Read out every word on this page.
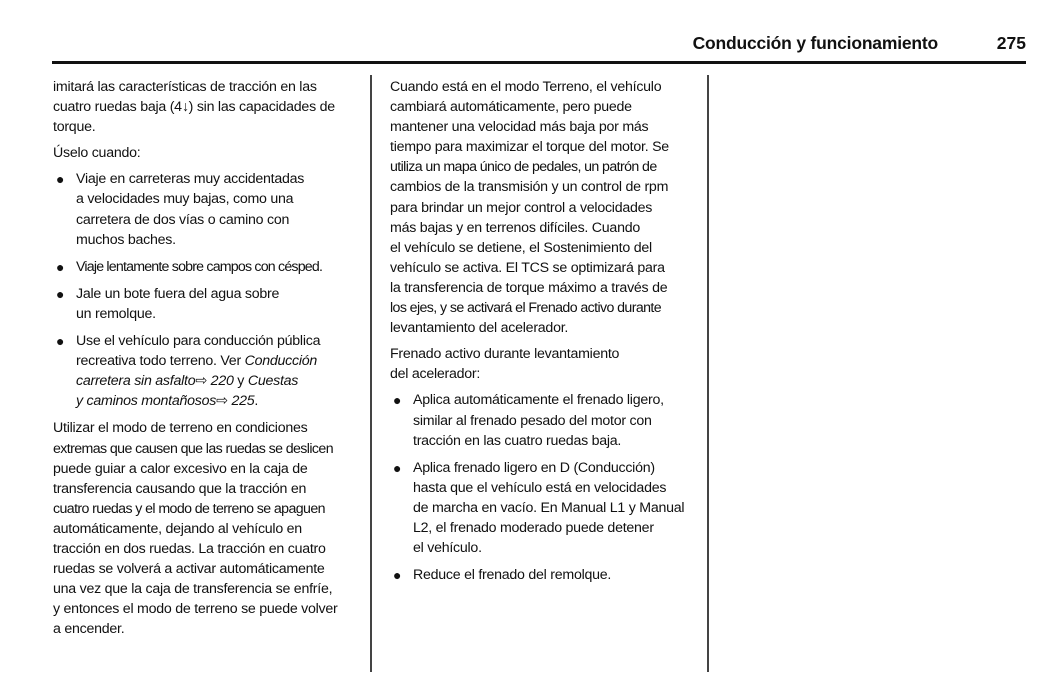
Conducción y funcionamiento	275

imitará las características de tracción en las
cuatro ruedas baja (4↓) sin las capacidades de
torque.

Úselo cuando:

● Viaje en carreteras muy accidentadas
a velocidades muy bajas, como una
carretera de dos vías o camino con
muchos baches.
● Viaje lentamente sobre campos con césped.
● Jale un bote fuera del agua sobre
un remolque.
● Use el vehículo para conducción pública
recreativa todo terreno. Ver Conducción
carretera sin asfalto⇨ 220 y Cuestas
y caminos montañosos⇨ 225.

Utilizar el modo de terreno en condiciones
extremas que causen que las ruedas se deslicen
puede guiar a calor excesivo en la caja de
transferencia causando que la tracción en
cuatro ruedas y el modo de terreno se apaguen
automáticamente, dejando al vehículo en
tracción en dos ruedas. La tracción en cuatro
ruedas se volverá a activar automáticamente
una vez que la caja de transferencia se enfríe,
y entonces el modo de terreno se puede volver
a encender.

Cuando está en el modo Terreno, el vehículo
cambiará automáticamente, pero puede
mantener una velocidad más baja por más
tiempo para maximizar el torque del motor. Se
utiliza un mapa único de pedales, un patrón de
cambios de la transmisión y un control de rpm
para brindar un mejor control a velocidades
más bajas y en terrenos difíciles. Cuando
el vehículo se detiene, el Sostenimiento del
vehículo se activa. El TCS se optimizará para
la transferencia de torque máximo a través de
los ejes, y se activará el Frenado activo durante
levantamiento del acelerador.

Frenado activo durante levantamiento
del acelerador:

● Aplica automáticamente el frenado ligero,
similar al frenado pesado del motor con
tracción en las cuatro ruedas baja.
● Aplica frenado ligero en D (Conducción)
hasta que el vehículo está en velocidades
de marcha en vacío. En Manual L1 y Manual
L2, el frenado moderado puede detener
el vehículo.
● Reduce el frenado del remolque.
